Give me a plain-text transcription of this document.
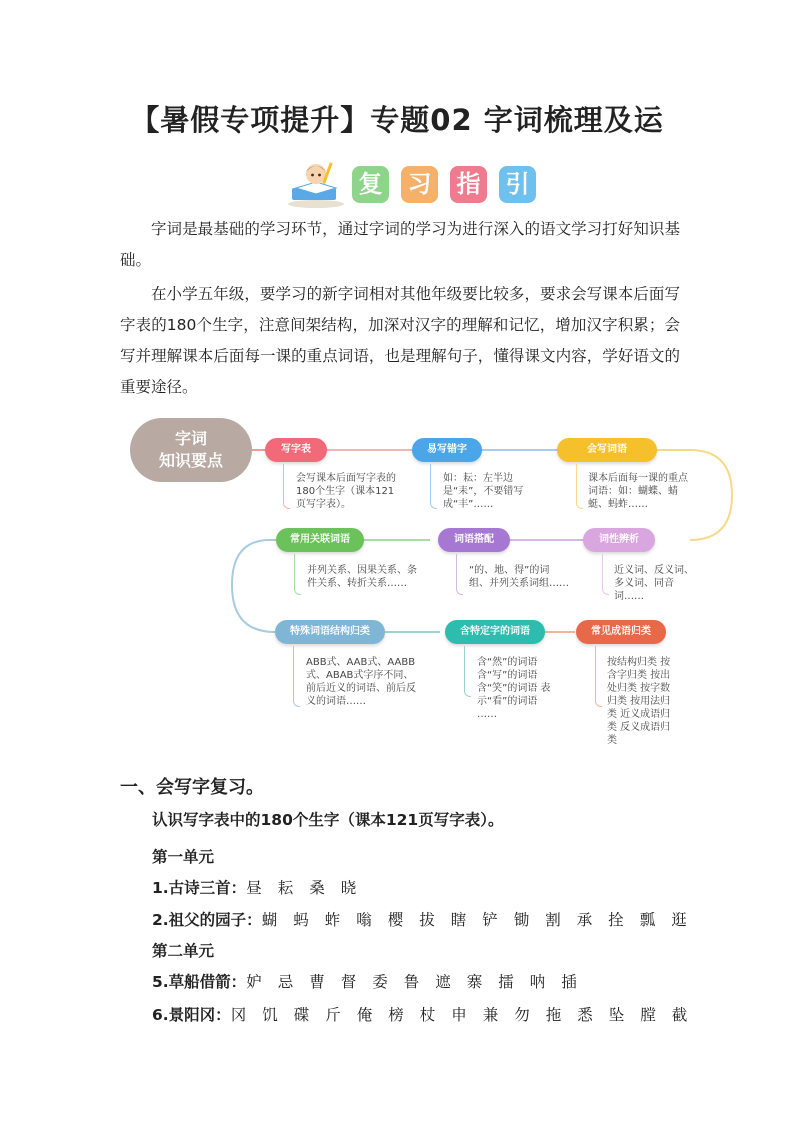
【暑假专项提升】专题02 字词梳理及运
复 习 指 引

字词是最基础的学习环节，通过字词的学习为进行深入的语文学习打好知识基础。

在小学五年级，要学习的新字词相对其他年级要比较多，要求会写课本后面写字表的180个生字，注意间架结构，加深对汉字的理解和记忆，增加汉字积累；会写并理解课本后面每一课的重点词语，也是理解句子，懂得课文内容，学好语文的重要途径。

字词
知识要点
写字表

会写课本后面写字表的180个生字（课本121页写字表）。

易写错字

如：耘：左半边是“耒”，不要错写成“丰”……

会写词语

课本后面每一课的重点词语：如：蝴蝶、蜻蜓、蚂蚱……

常用关联词语

并列关系、因果关系、条件关系、转折关系……

词语搭配

“的、地、得”的词组、并列关系词组……

词性辨析

近义词、反义词、多义词、同音词……

特殊词语结构归类

ABB式、AAB式、AABB式、ABAB式字序不同、前后近义的词语、前后反义的词语……

含特定字的词语

含“然”的词语 含“写”的词语 含“笑”的词语 表示“看”的词语 ……

常见成语归类

按结构归类 按含字归类 按出处归类 按字数归类 按用法归类 近义成语归类 反义成语归类

一、会写字复习。

认识写字表中的180个生字（课本121页写字表）。

第一单元

1.古诗三首：昼 耘 桑 晓
2.祖父的园子：蝴 蚂 蚱 嗡 樱 拔 瞎 铲 锄 割 承 拴 瓢 逛

第二单元

5.草船借箭：妒 忌 曹 督 委 鲁 遮 寨 擂 呐 插
6.景阳冈：冈 饥 碟 斤 俺 榜 杖 申 兼 勿 拖 悉 坠 膛 截
